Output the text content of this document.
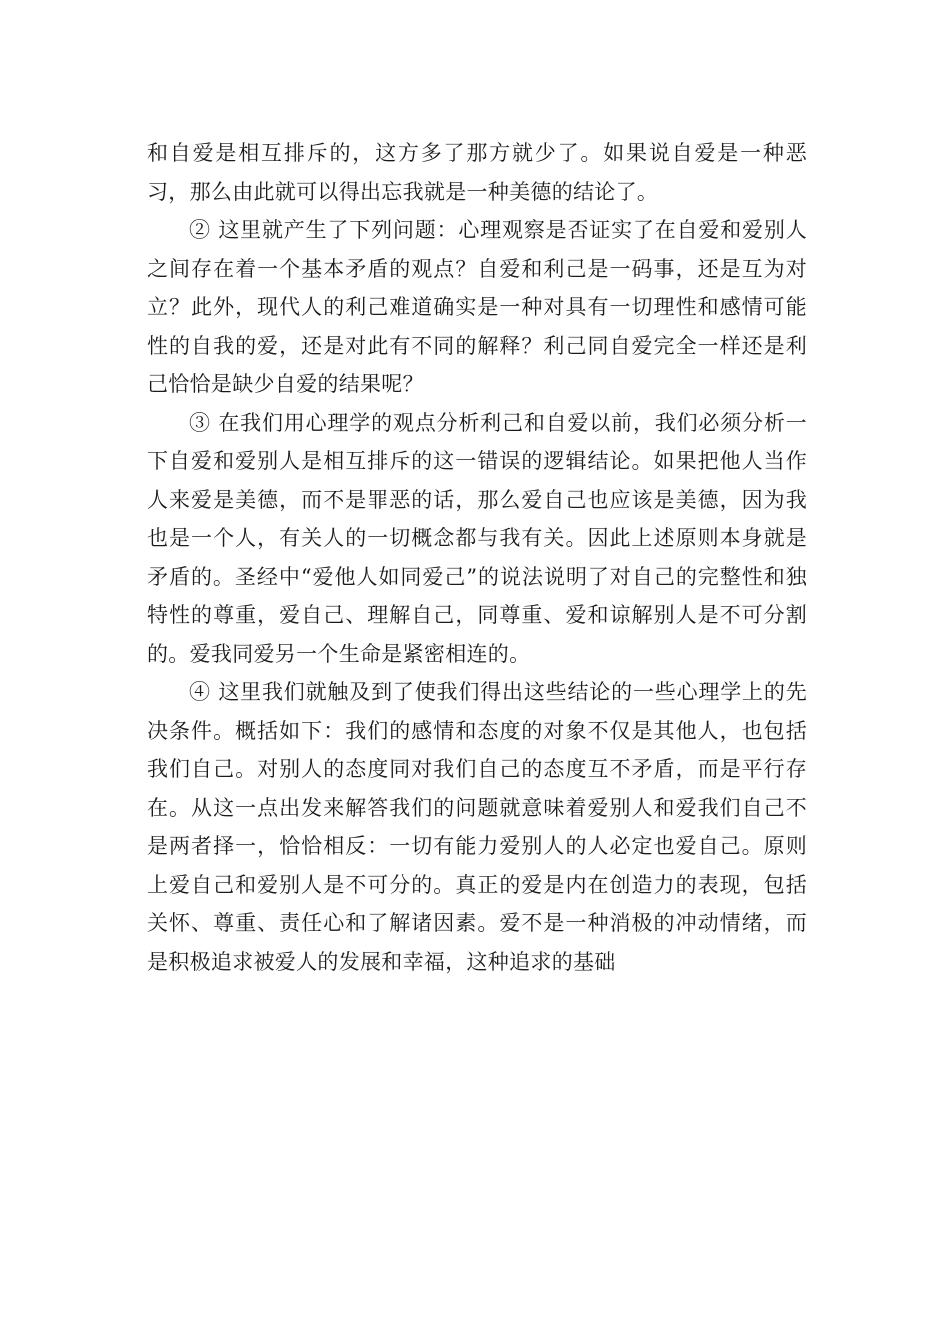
和自爱是相互排斥的，这方多了那方就少了。如果说自爱是一种恶习，那么由此就可以得出忘我就是一种美德的结论了。

② 这里就产生了下列问题：心理观察是否证实了在自爱和爱别人之间存在着一个基本矛盾的观点？自爱和利己是一码事，还是互为对立？此外，现代人的利己难道确实是一种对具有一切理性和感情可能性的自我的爱，还是对此有不同的解释？利己同自爱完全一样还是利己恰恰是缺少自爱的结果呢？

③ 在我们用心理学的观点分析利己和自爱以前，我们必须分析一下自爱和爱别人是相互排斥的这一错误的逻辑结论。如果把他人当作人来爱是美德，而不是罪恶的话，那么爱自己也应该是美德，因为我也是一个人，有关人的一切概念都与我有关。因此上述原则本身就是矛盾的。圣经中“爱他人如同爱己”的说法说明了对自己的完整性和独特性的尊重，爱自己、理解自己，同尊重、爱和谅解别人是不可分割的。爱我同爱另一个生命是紧密相连的。

④ 这里我们就触及到了使我们得出这些结论的一些心理学上的先决条件。概括如下：我们的感情和态度的对象不仅是其他人，也包括我们自己。对别人的态度同对我们自己的态度互不矛盾，而是平行存在。从这一点出发来解答我们的问题就意味着爱别人和爱我们自己不是两者择一，恰恰相反：一切有能力爱别人的人必定也爱自己。原则上爱自己和爱别人是不可分的。真正的爱是内在创造力的表现，包括关怀、尊重、责任心和了解诸因素。爱不是一种消极的冲动情绪，而是积极追求被爱人的发展和幸福，这种追求的基础
